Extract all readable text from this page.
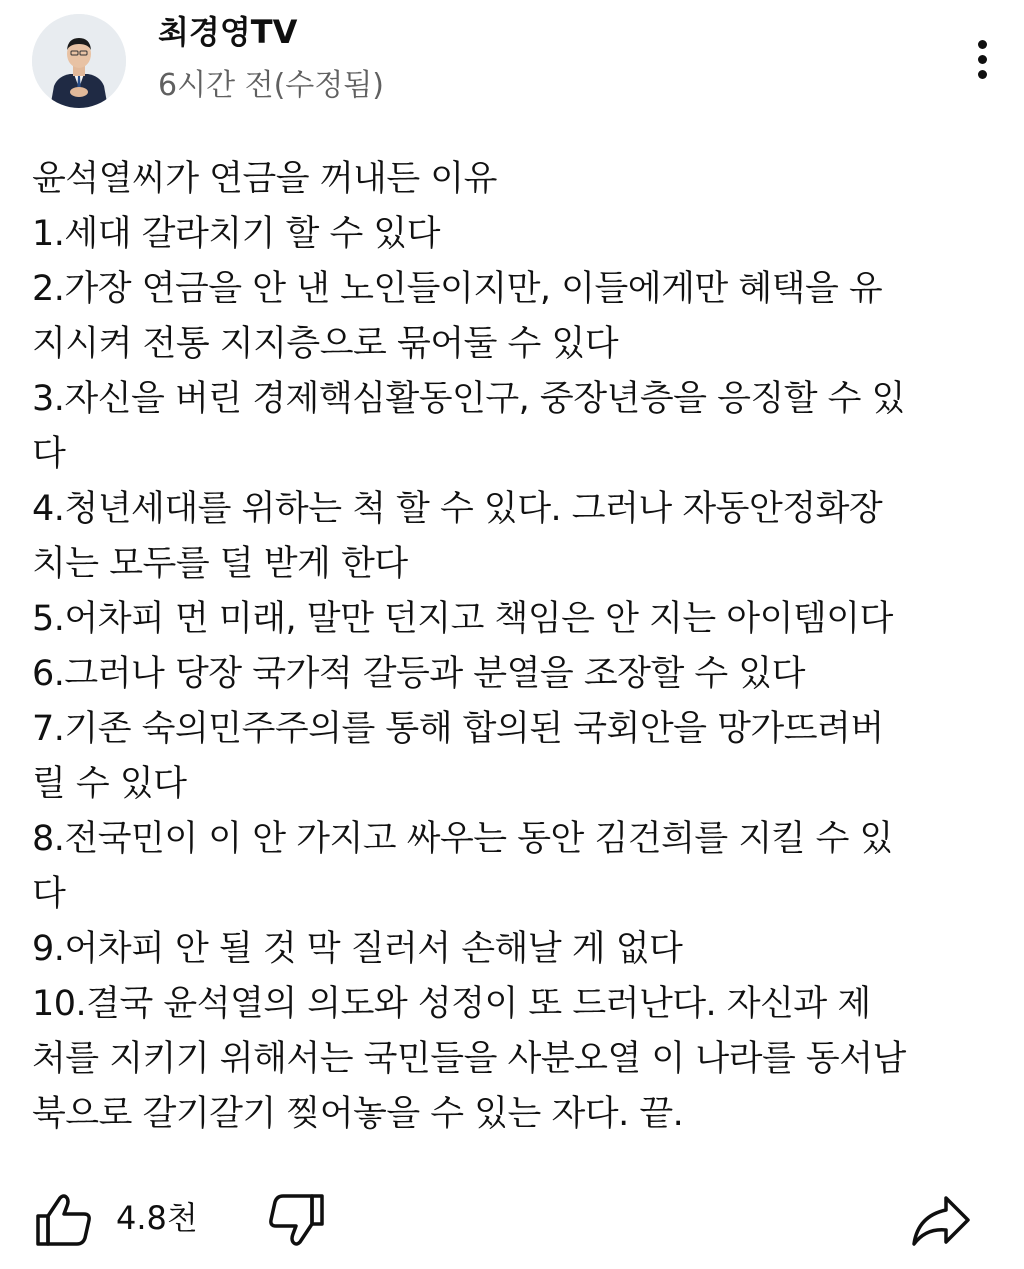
최경영TV
6시간 전(수정됨)
윤석열씨가 연금을 꺼내든 이유
1.세대 갈라치기 할 수 있다
2.가장 연금을 안 낸 노인들이지만, 이들에게만 혜택을 유
지시켜 전통 지지층으로 묶어둘 수 있다
3.자신을 버린 경제핵심활동인구, 중장년층을 응징할 수 있
다
4.청년세대를 위하는 척 할 수 있다. 그러나 자동안정화장
치는 모두를 덜 받게 한다
5.어차피 먼 미래, 말만 던지고 책임은 안 지는 아이템이다
6.그러나 당장 국가적 갈등과 분열을 조장할 수 있다
7.기존 숙의민주주의를 통해 합의된 국회안을 망가뜨려버
릴 수 있다
8.전국민이 이 안 가지고 싸우는 동안 김건희를 지킬 수 있
다
9.어차피 안 될 것 막 질러서 손해날 게 없다
10.결국 윤석열의 의도와 성정이 또 드러난다. 자신과 제
처를 지키기 위해서는 국민들을 사분오열 이 나라를 동서남
북으로 갈기갈기 찢어놓을 수 있는 자다. 끝.
4.8천
